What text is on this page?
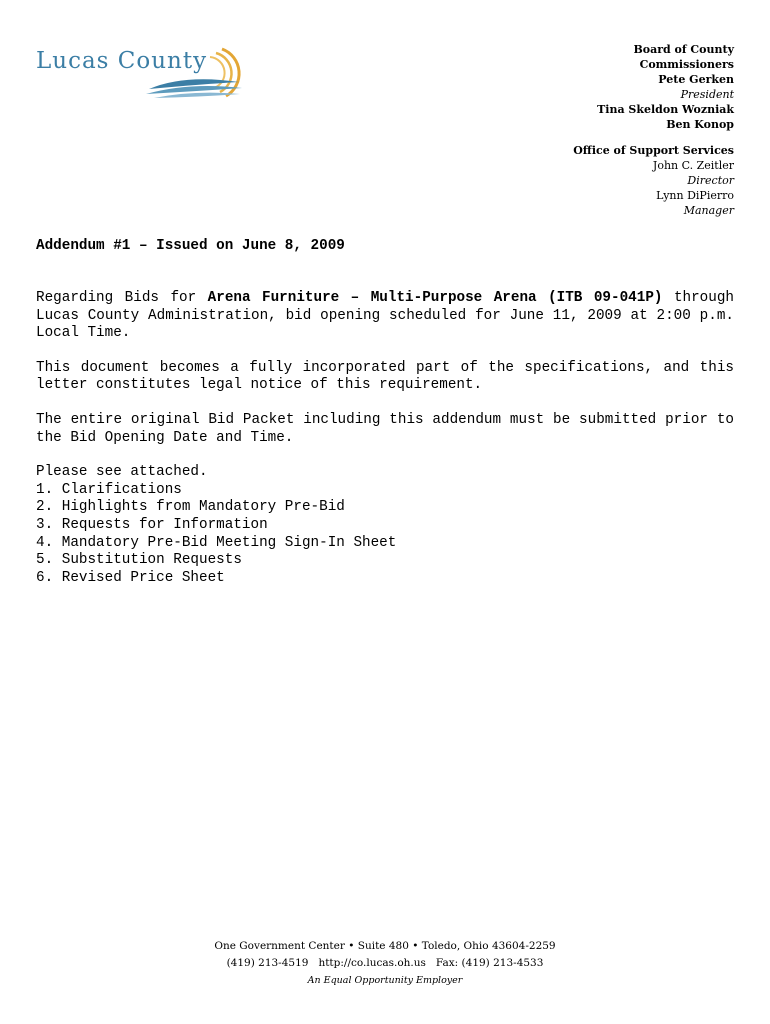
Lucas County	Board of County
Commissioners
Pete Gerken
President
Tina Skeldon Wozniak
Ben Konop
Office of Support Services
John C. Zeitler
Director
Lynn DiPierro
Manager
Addendum #1 – Issued on June 8, 2009

Regarding Bids for Arena Furniture – Multi-Purpose Arena (ITB 09-041P) through Lucas County Administration, bid opening scheduled for June 11, 2009 at 2:00 p.m. Local Time.

This document becomes a fully incorporated part of the specifications, and this letter constitutes legal notice of this requirement.

The entire original Bid Packet including this addendum must be submitted prior to the Bid Opening Date and Time.

Please see attached.
1. Clarifications
2. Highlights from Mandatory Pre-Bid
3. Requests for Information
4. Mandatory Pre-Bid Meeting Sign-In Sheet
5. Substitution Requests
6. Revised Price Sheet
One Government Center • Suite 480 • Toledo, Ohio 43604-2259
(419) 213-4519 http://co.lucas.oh.us Fax: (419) 213-4533
An Equal Opportunity Employer
